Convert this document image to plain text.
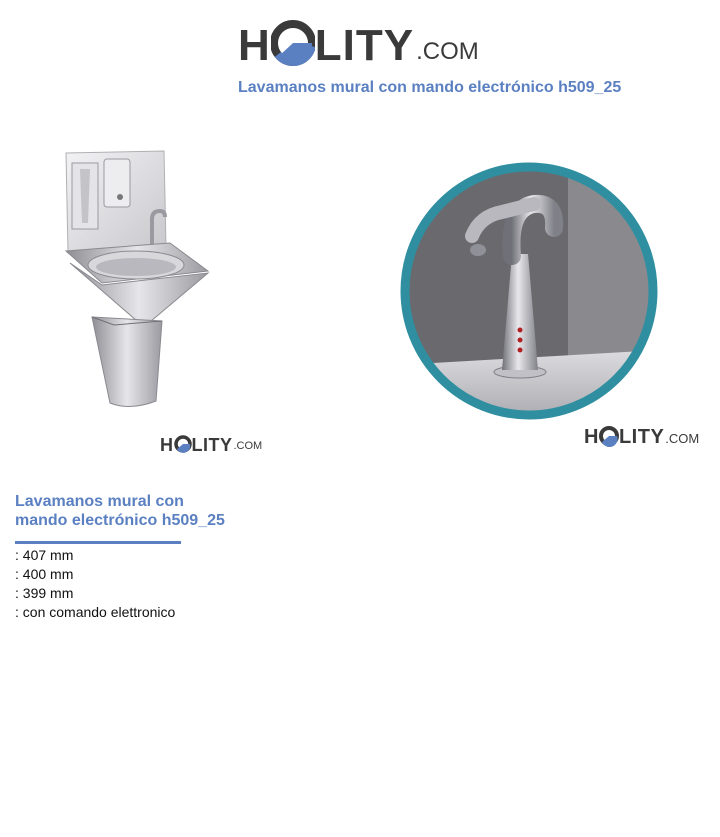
H LITY .COM
Lavamanos mural con mando electrónico h509_25
H LITY .COM	H LITY .COM
Lavamanos mural con
mando electrónico h509_25
: 407 mm
: 400 mm
: 399 mm
: con comando elettronico
